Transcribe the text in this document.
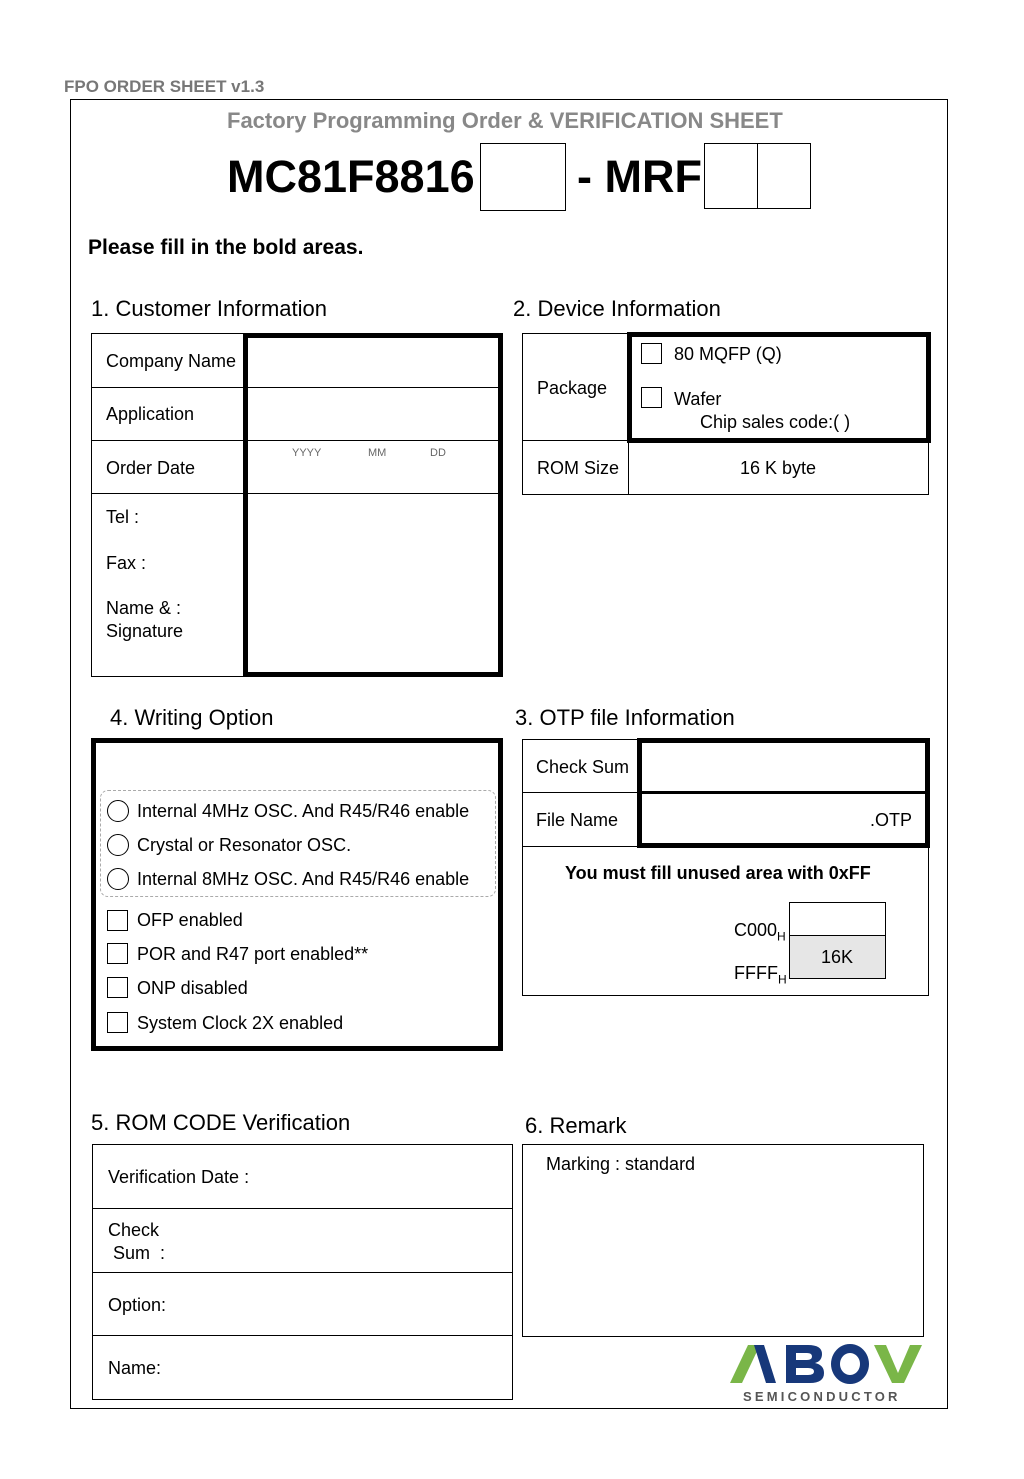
FPO ORDER SHEET v1.3
Factory Programming Order & VERIFICATION SHEET
MC81F8816 - MRF
Please fill in the bold areas.
1. Customer Information
Company Name
Application
Order Date
YYYY	MM	DD
Tel :
Fax :
Name & :
Signature
2. Device Information
Package
80 MQFP (Q)
Wafer
Chip sales code:( )
ROM Size	16 K byte
4. Writing Option
Internal 4MHz OSC. And R45/R46 enable
Crystal or Resonator OSC.
Internal 8MHz OSC. And R45/R46 enable
OFP enabled
POR and R47 port enabled**
ONP disabled
System Clock 2X enabled
3. OTP file Information
Check Sum
File Name	.OTP
You must fill unused area with 0xFF
$C000_H$
$FFFF_H$
16K
5. ROM CODE Verification
Verification Date :
Check
Sum  :
Option:
Name:
6. Remark
Marking : standard
SEMICONDUCTOR
